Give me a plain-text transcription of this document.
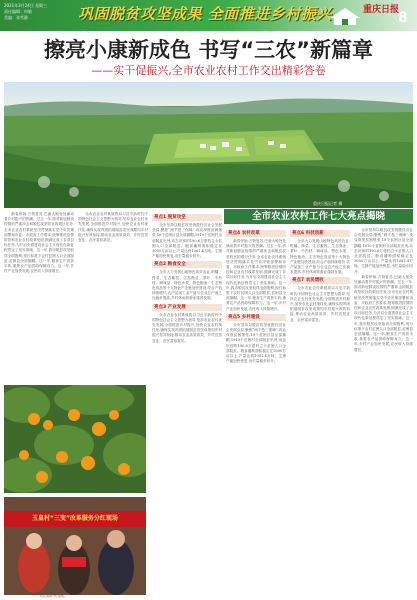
2021年3月24日 星期三
责任编辑：何敏
美编：张雪静	巩固脱贫攻坚成果 全面推进乡村振兴	重庆日报
8
擦亮小康新成色 书写“三农”新篇章
——实干促振兴,全市农业农村工作交出精彩答卷
重庆日报记者 摄
全市农业农村工作七大亮点揭晓

新春伊始,万物复苏,巴渝大地处处涌动着乡村振兴的热潮。过去一年,面对新冠肺炎疫情的严重冲击和脱贫攻坚收官的艰巨任务,全市农业农村系统坚决贯彻落实党中央决策部署和市委、市政府工作要求,统筹推进疫情防控和农业农村改革发展,圆满完成了各项目标任务,为开启全面建设社会主义现代化新征程奠定了坚实基础。这一年,我市脱贫攻坚取得全面胜利,现行标准下农村贫困人口全部脱贫,贫困县全部摘帽。这一年,粮食生产再获丰收,重要农产品供给保障有力。这一年,乡村产业加快发展,农民收入持续增长。

全市农业农村系统将以习近平新时代中国特色社会主义思想为指导,坚持农业农村优先发展,全面推进乡村振兴,加快农业农村现代化,确保实现巩固拓展脱贫攻坚成果同乡村振兴有效衔接,推动农业高质高效、乡村宜居宜业、农民富裕富足。

亮点1 脱贫攻坚

全市坚持以脱贫攻坚统揽经济社会发展全局,聚焦“两不愁三保障”,攻克深度贫困堡垒,18个贫困区县全部摘帽,1919个贫困村全部脱贫出列,动态识别的190.6万建档立卡贫困人口全部脱贫。粮食播种面积稳定在3000万亩以上,产量达到1081.4万吨。生猪产能加快恢复,出栏量稳步回升。

亮点2 粮食安全

全市大力发展山地特色高效农业,柑橘、榨菜、生态畜牧、生态渔业、茶叶、中药材、调味品、特色水果、特色粮油、生态特色食品等十大特色产业链加快建设,综合产值持续增长,农产品加工业产值与农业总产值之比稳步提高,乡村休闲旅游业蓬勃发展。

亮点3 产业发展

全市农业农村系统将以习近平新时代中国特色社会主义思想为指导,坚持农业农村优先发展,全面推进乡村振兴,加快农业农村现代化,确保实现巩固拓展脱贫攻坚成果同乡村振兴有效衔接,推动农业高质高效、乡村宜居宜业、农民富裕富足。

亮点4 农村改革

新春伊始,万物复苏,巴渝大地处处涌动着乡村振兴的热潮。过去一年,面对新冠肺炎疫情的严重冲击和脱贫攻坚收官的艰巨任务,全市农业农村系统坚决贯彻落实党中央决策部署和市委、市政府工作要求,统筹推进疫情防控和农业农村改革发展,圆满完成了各项目标任务,为开启全面建设社会主义现代化新征程奠定了坚实基础。这一年,我市脱贫攻坚取得全面胜利,现行标准下农村贫困人口全部脱贫,贫困县全部摘帽。这一年,粮食生产再获丰收,重要农产品供给保障有力。这一年,乡村产业加快发展,农民收入持续增长。

亮点5 乡村建设

全市坚持以脱贫攻坚统揽经济社会发展全局,聚焦“两不愁三保障”,攻克深度贫困堡垒,18个贫困区县全部摘帽,1919个贫困村全部脱贫出列,动态识别的190.6万建档立卡贫困人口全部脱贫。粮食播种面积稳定在3000万亩以上,产量达到1081.4万吨。生猪产能加快恢复,出栏量稳步回升。

亮点6 科技创新

全市大力发展山地特色高效农业,柑橘、榨菜、生态畜牧、生态渔业、茶叶、中药材、调味品、特色水果、特色粮油、生态特色食品等十大特色产业链加快建设,综合产值持续增长,农产品加工业产值与农业总产值之比稳步提高,乡村休闲旅游业蓬勃发展。

亮点7 农民增收

全市农业农村系统将以习近平新时代中国特色社会主义思想为指导,坚持农业农村优先发展,全面推进乡村振兴,加快农业农村现代化,确保实现巩固拓展脱贫攻坚成果同乡村振兴有效衔接,推动农业高质高效、乡村宜居宜业、农民富裕富足。

全市坚持以脱贫攻坚统揽经济社会发展全局,聚焦“两不愁三保障”,攻克深度贫困堡垒,18个贫困区县全部摘帽,1919个贫困村全部脱贫出列,动态识别的190.6万建档立卡贫困人口全部脱贫。粮食播种面积稳定在3000万亩以上,产量达到1081.4万吨。生猪产能加快恢复,出栏量稳步回升。

新春伊始,万物复苏,巴渝大地处处涌动着乡村振兴的热潮。过去一年,面对新冠肺炎疫情的严重冲击和脱贫攻坚收官的艰巨任务,全市农业农村系统坚决贯彻落实党中央决策部署和市委、市政府工作要求,统筹推进疫情防控和农业农村改革发展,圆满完成了各项目标任务,为开启全面建设社会主义现代化新征程奠定了坚实基础。这一年,我市脱贫攻坚取得全面胜利,现行标准下农村贫困人口全部脱贫,贫困县全部摘帽。这一年,粮食生产再获丰收,重要农产品供给保障有力。这一年,乡村产业加快发展,农民收入持续增长。

果农采收柑橘。
玉皇村“三变”改革服务分红现场
村民领取分红现场。
